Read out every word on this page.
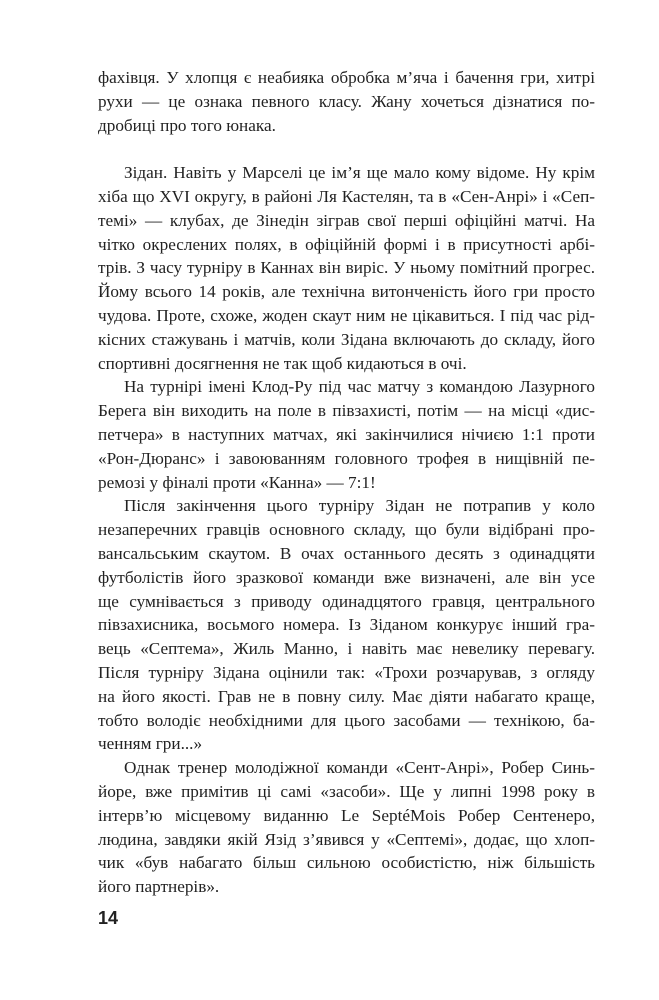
фахівця. У хлопця є неабияка обробка м’яча і бачення гри, хитрі
рухи — це ознака певного класу. Жану хочеться дізнатися по-
дробиці про того юнака.
Зідан. Навіть у Марселі це ім’я ще мало кому відоме. Ну крім
хіба що XVI округу, в районі Ля Кастелян, та в «Сен-Анрі» і «Сеп-
темі» — клубах, де Зінедін зіграв свої перші офіційні матчі. На
чітко окреслених полях, в офіційній формі і в присутності арбі-
трів. З часу турніру в Каннах він виріс. У ньому помітний прогрес.
Йому всього 14 років, але технічна витонченість його гри просто
чудова. Проте, схоже, жоден скаут ним не цікавиться. І під час рід-
кісних стажувань і матчів, коли Зідана включають до складу, його
спортивні досягнення не так щоб кидаються в очі.
На турнірі імені Клод-Ру під час матчу з командою Лазурного
Берега він виходить на поле в півзахисті, потім — на місці «дис-
петчера» в наступних матчах, які закінчилися нічиєю 1:1 проти
«Рон-Дюранс» і завоюванням головного трофея в нищівній пе-
ремозі у фіналі проти «Канна» — 7:1!
Після закінчення цього турніру Зідан не потрапив у коло
незаперечних гравців основного складу, що були відібрані про-
вансальським скаутом. В очах останнього десять з одинадцяти
футболістів його зразкової команди вже визначені, але він усе
ще сумнівається з приводу одинадцятого гравця, центрального
півзахисника, восьмого номера. Із Зіданом конкурує інший гра-
вець «Септема», Жиль Манно, і навіть має невелику перевагу.
Після турніру Зідана оцінили так: «Трохи розчарував, з огляду
на його якості. Грав не в повну силу. Має діяти набагато краще,
тобто володіє необхідними для цього засобами — технікою, ба-
ченням гри...»
Однак тренер молодіжної команди «Сент-Анрі», Робер Синь-
йоре, вже примітив ці самі «засоби». Ще у липні 1998 року в
інтерв’ю місцевому виданню Le SeptéMois Робер Сентенеро,
людина, завдяки якій Язід з’явився у «Септемі», додає, що хлоп-
чик «був набагато більш сильною особистістю, ніж більшість
його партнерів».
14
